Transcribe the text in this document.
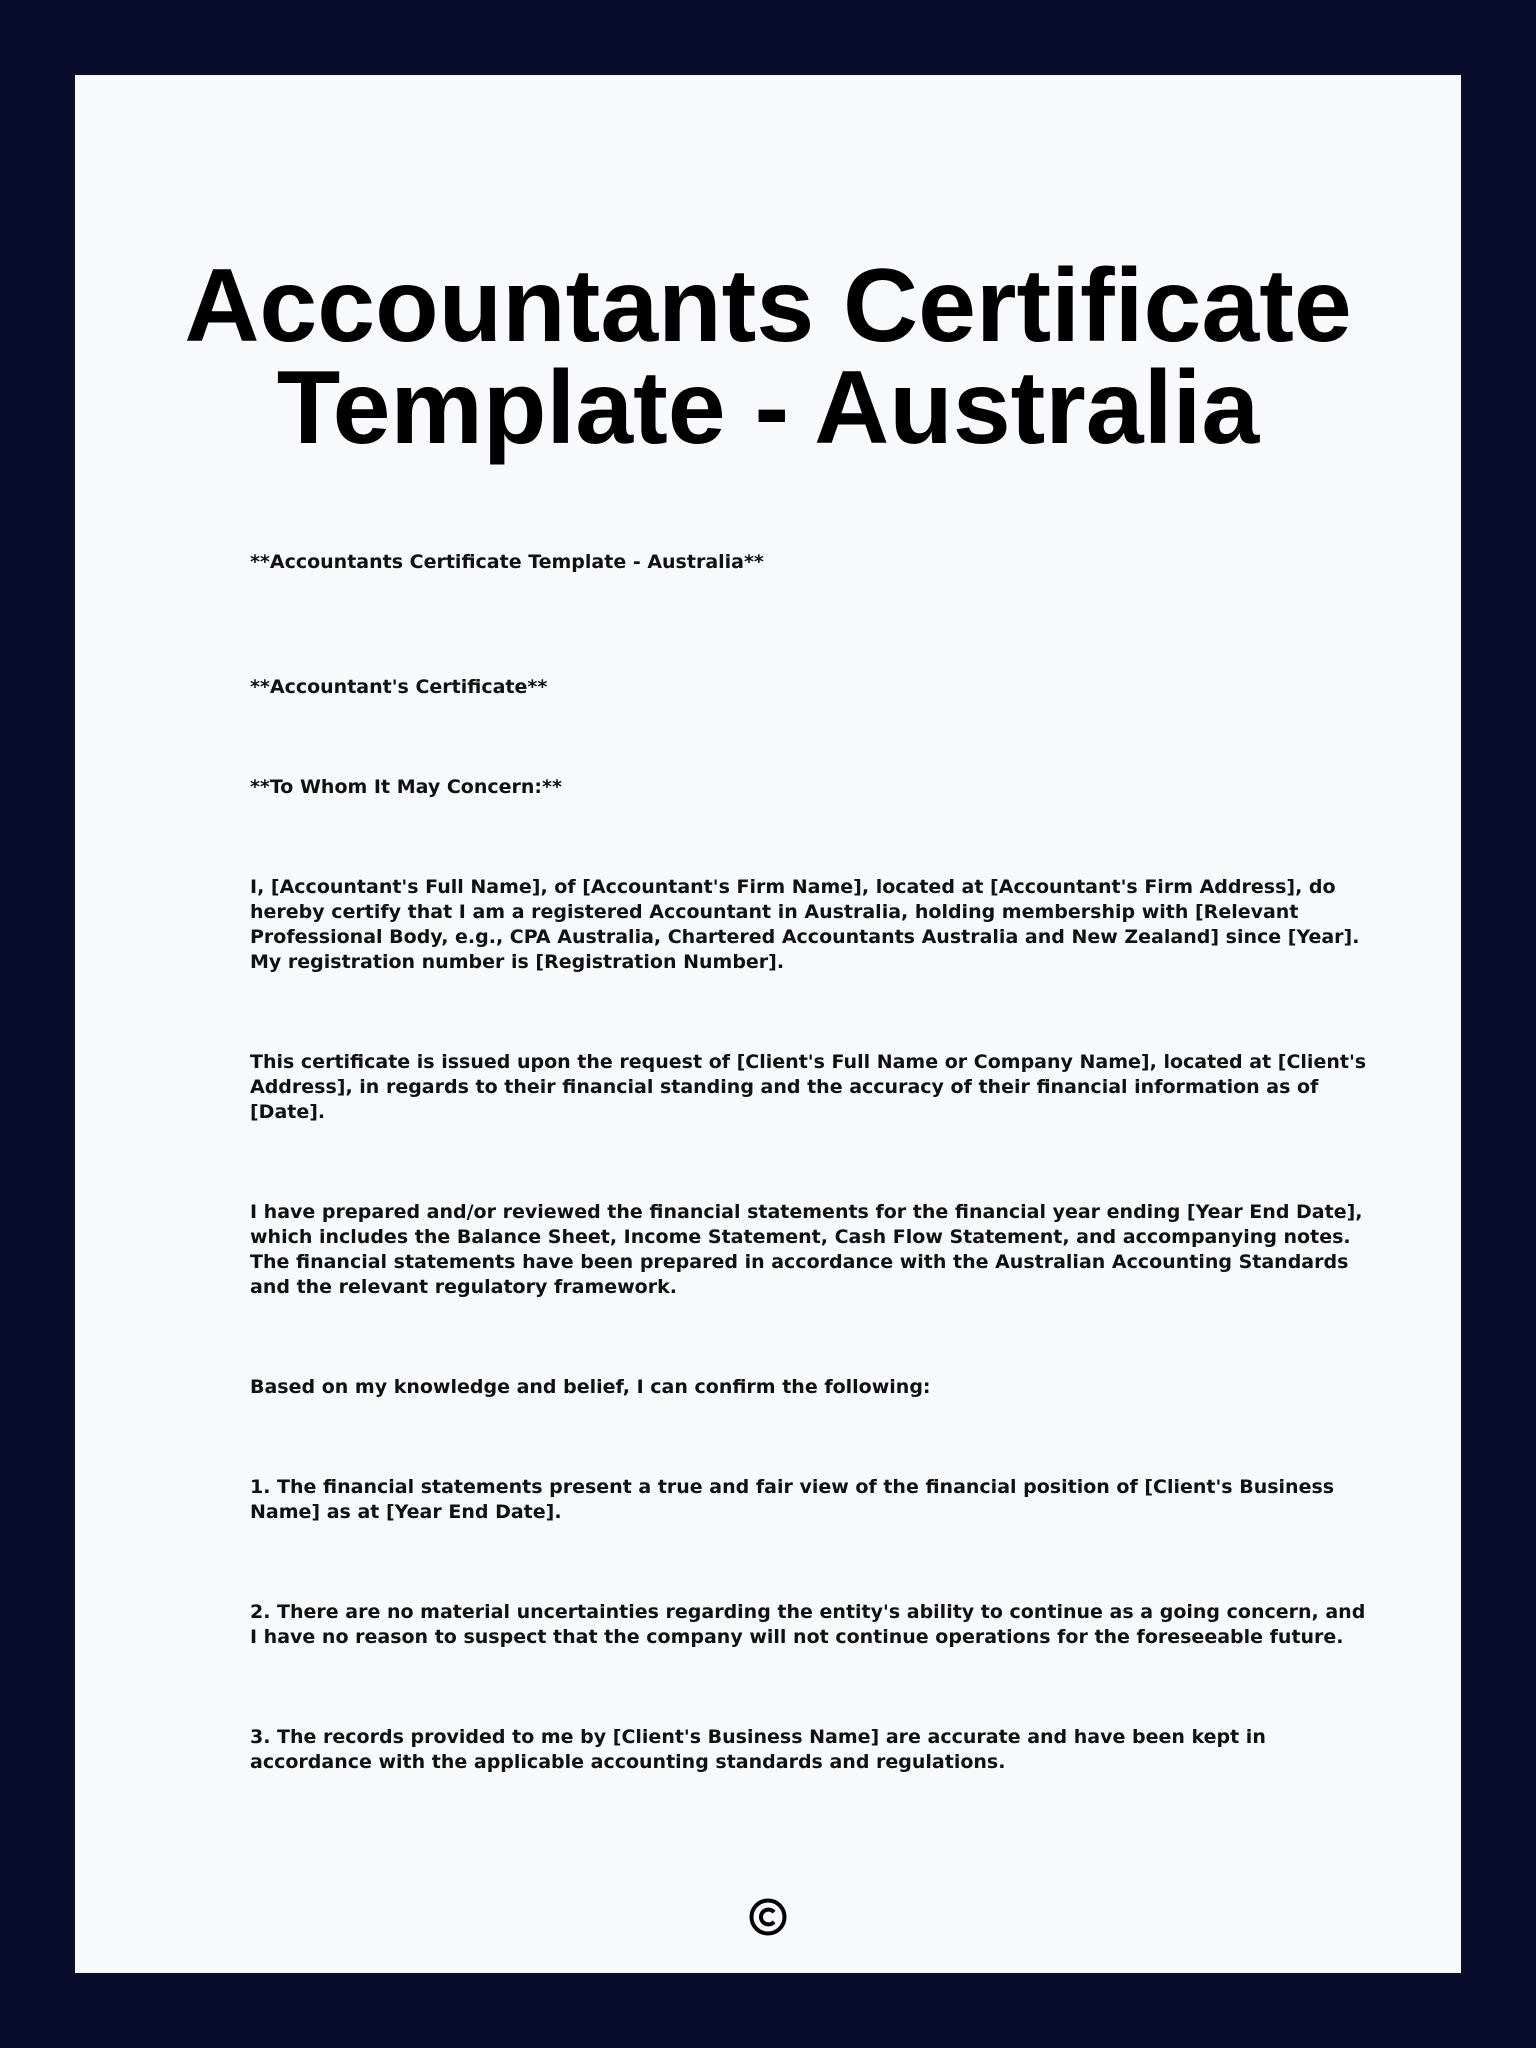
Accountants Certificate
Template - Australia

**Accountants Certificate Template - Australia**

**Accountant's Certificate**

**To Whom It May Concern:**

I, [Accountant's Full Name], of [Accountant's Firm Name], located at [Accountant's Firm Address], do hereby certify that I am a registered Accountant in Australia, holding membership with [Relevant Professional Body, e.g., CPA Australia, Chartered Accountants Australia and New Zealand] since [Year]. My registration number is [Registration Number].

This certificate is issued upon the request of [Client's Full Name or Company Name], located at [Client's Address], in regards to their financial standing and the accuracy of their financial information as of [Date].

I have prepared and/or reviewed the financial statements for the financial year ending [Year End Date], which includes the Balance Sheet, Income Statement, Cash Flow Statement, and accompanying notes. The financial statements have been prepared in accordance with the Australian Accounting Standards and the relevant regulatory framework.

Based on my knowledge and belief, I can confirm the following:

1. The financial statements present a true and fair view of the financial position of [Client's Business Name] as at [Year End Date].

2. There are no material uncertainties regarding the entity's ability to continue as a going concern, and I have no reason to suspect that the company will not continue operations for the foreseeable future.

3. The records provided to me by [Client's Business Name] are accurate and have been kept in accordance with the applicable accounting standards and regulations.
